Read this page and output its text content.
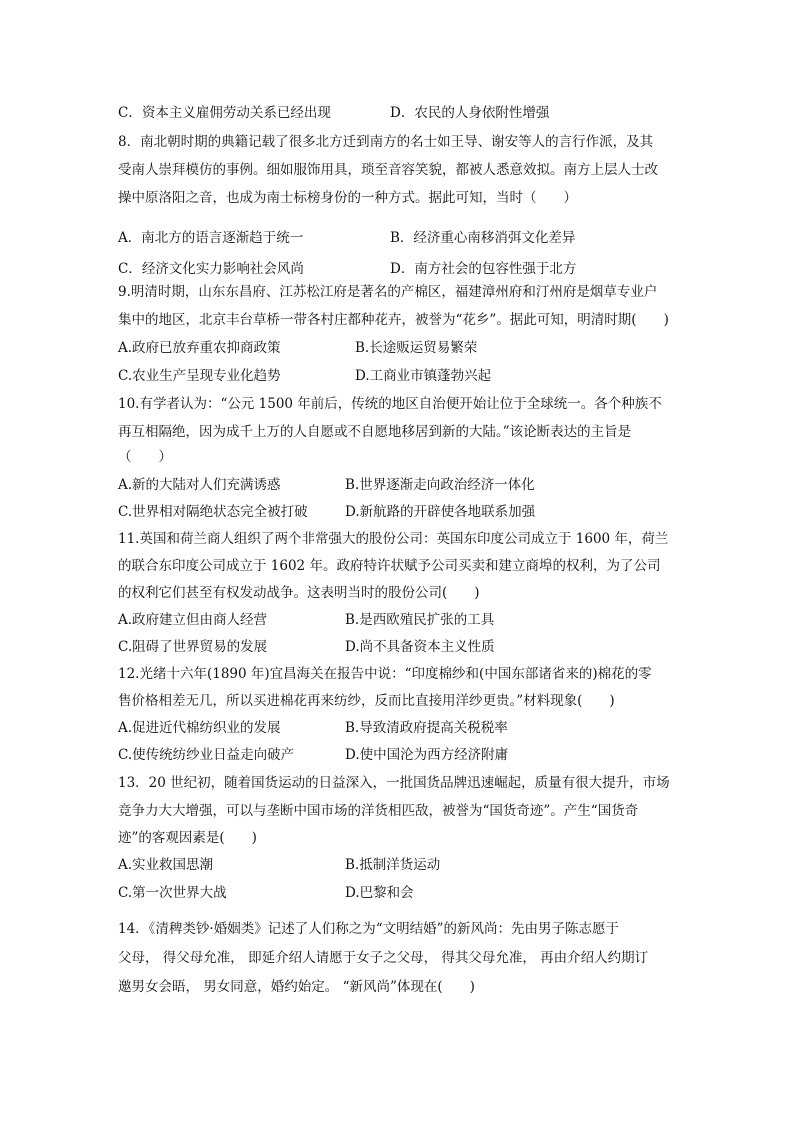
C．资本主义雇佣劳动关系已经出现	D．农民的人身依附性增强
8．南北朝时期的典籍记载了很多北方迁到南方的名士如王导、谢安等人的言行作派，及其
受南人崇拜模仿的事例。细如服饰用具，琐至音容笑貌，都被人悉意效拟。南方上层人士改
操中原洛阳之音，也成为南士标榜身份的一种方式。据此可知，当时（　　）
A．南北方的语言逐渐趋于统一	B．经济重心南移消弭文化差异
C．经济文化实力影响社会风尚	D．南方社会的包容性强于北方
9.明清时期，山东东昌府、江苏松江府是著名的产棉区，福建漳州府和汀州府是烟草专业户
集中的地区，北京丰台草桥一带各村庄都种花卉，被誉为“花乡”。据此可知，明清时期(　　)
A.政府已放弃重农抑商政策	B.长途贩运贸易繁荣
C.农业生产呈现专业化趋势	D.工商业市镇蓬勃兴起
10.有学者认为：“公元 1500 年前后，传统的地区自治便开始让位于全球统一。各个种族不
再互相隔绝，因为成千上万的人自愿或不自愿地移居到新的大陆。”该论断表达的主旨是
（　　）
A.新的大陆对人们充满诱惑	B.世界逐渐走向政治经济一体化
C.世界相对隔绝状态完全被打破	D.新航路的开辟使各地联系加强
11.英国和荷兰商人组织了两个非常强大的股份公司：英国东印度公司成立于 1600 年，荷兰
的联合东印度公司成立于 1602 年。政府特许状赋予公司买卖和建立商埠的权利，为了公司
的权利它们甚至有权发动战争。这表明当时的股份公司(　　)
A.政府建立但由商人经营	B.是西欧殖民扩张的工具
C.阻碍了世界贸易的发展	D.尚不具备资本主义性质
12.光绪十六年(1890 年)宜昌海关在报告中说：“印度棉纱和(中国东部诸省来的)棉花的零
售价格相差无几，所以买进棉花再来纺纱，反而比直接用洋纱更贵。”材料现象(　　)
A.促进近代棉纺织业的发展	B.导致清政府提高关税税率
C.使传统纺纱业日益走向破产	D.使中国沦为西方经济附庸
13．20 世纪初，随着国货运动的日益深入，一批国货品牌迅速崛起，质量有很大提升，市场
竞争力大大增强，可以与垄断中国市场的洋货相匹敌，被誉为“国货奇迹”。产生“国货奇
迹”的客观因素是(　　)
A.实业救国思潮	B.抵制洋货运动
C.第一次世界大战	D.巴黎和会
14．《清稗类钞·婚姻类》记述了人们称之为“文明结婚”的新风尚：先由男子陈志愿于
父母， 得父母允准， 即延介绍人请愿于女子之父母， 得其父母允准， 再由介绍人约期订
邀男女会晤， 男女同意，婚约始定。 “新风尚”体现在(　　)
